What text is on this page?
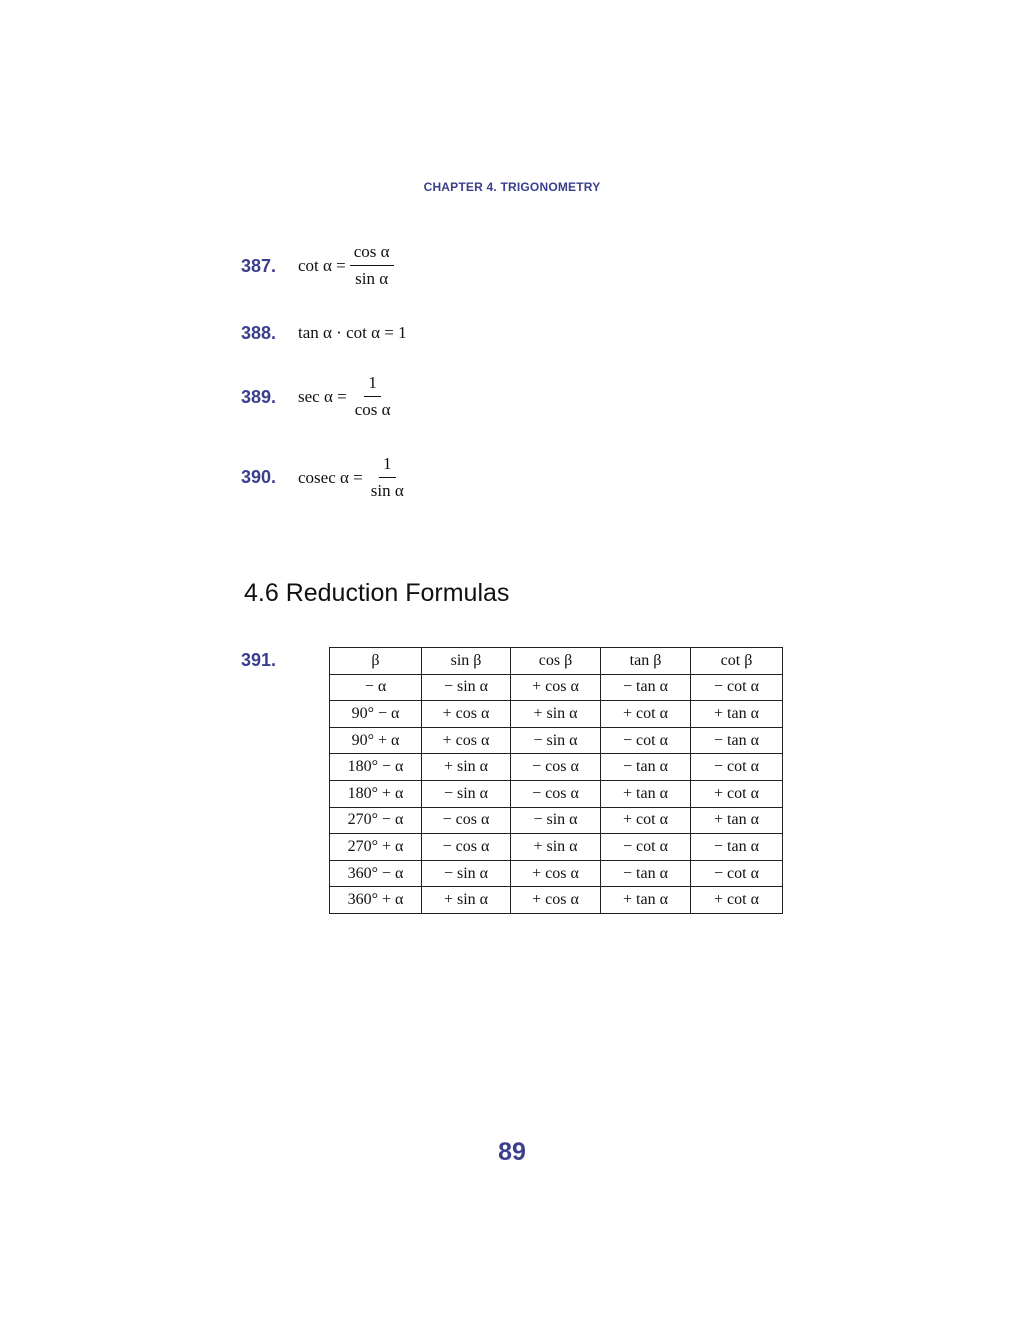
CHAPTER 4. TRIGONOMETRY
387. $\cot \alpha = \frac{\text{cos α}}{\text{sin α}}$
388. tan α · cot α = 1
389. $\sec \alpha = \frac{1}{\text{cos α}}$
390. cosec $\alpha = \frac{1}{\text{sin α}}$
4.6 Reduction Formulas
391.	β	sin β	cos β	tan β	cot β
− α	− sin α	+ cos α	− tan α	− cot α
90° − α	+ cos α	+ sin α	+ cot α	+ tan α
90° + α	+ cos α	− sin α	− cot α	− tan α
180° − α	+ sin α	− cos α	− tan α	− cot α
180° + α	− sin α	− cos α	+ tan α	+ cot α
270° − α	− cos α	− sin α	+ cot α	+ tan α
270° + α	− cos α	+ sin α	− cot α	− tan α
360° − α	− sin α	+ cos α	− tan α	− cot α
360° + α	+ sin α	+ cos α	+ tan α	+ cot α
89
